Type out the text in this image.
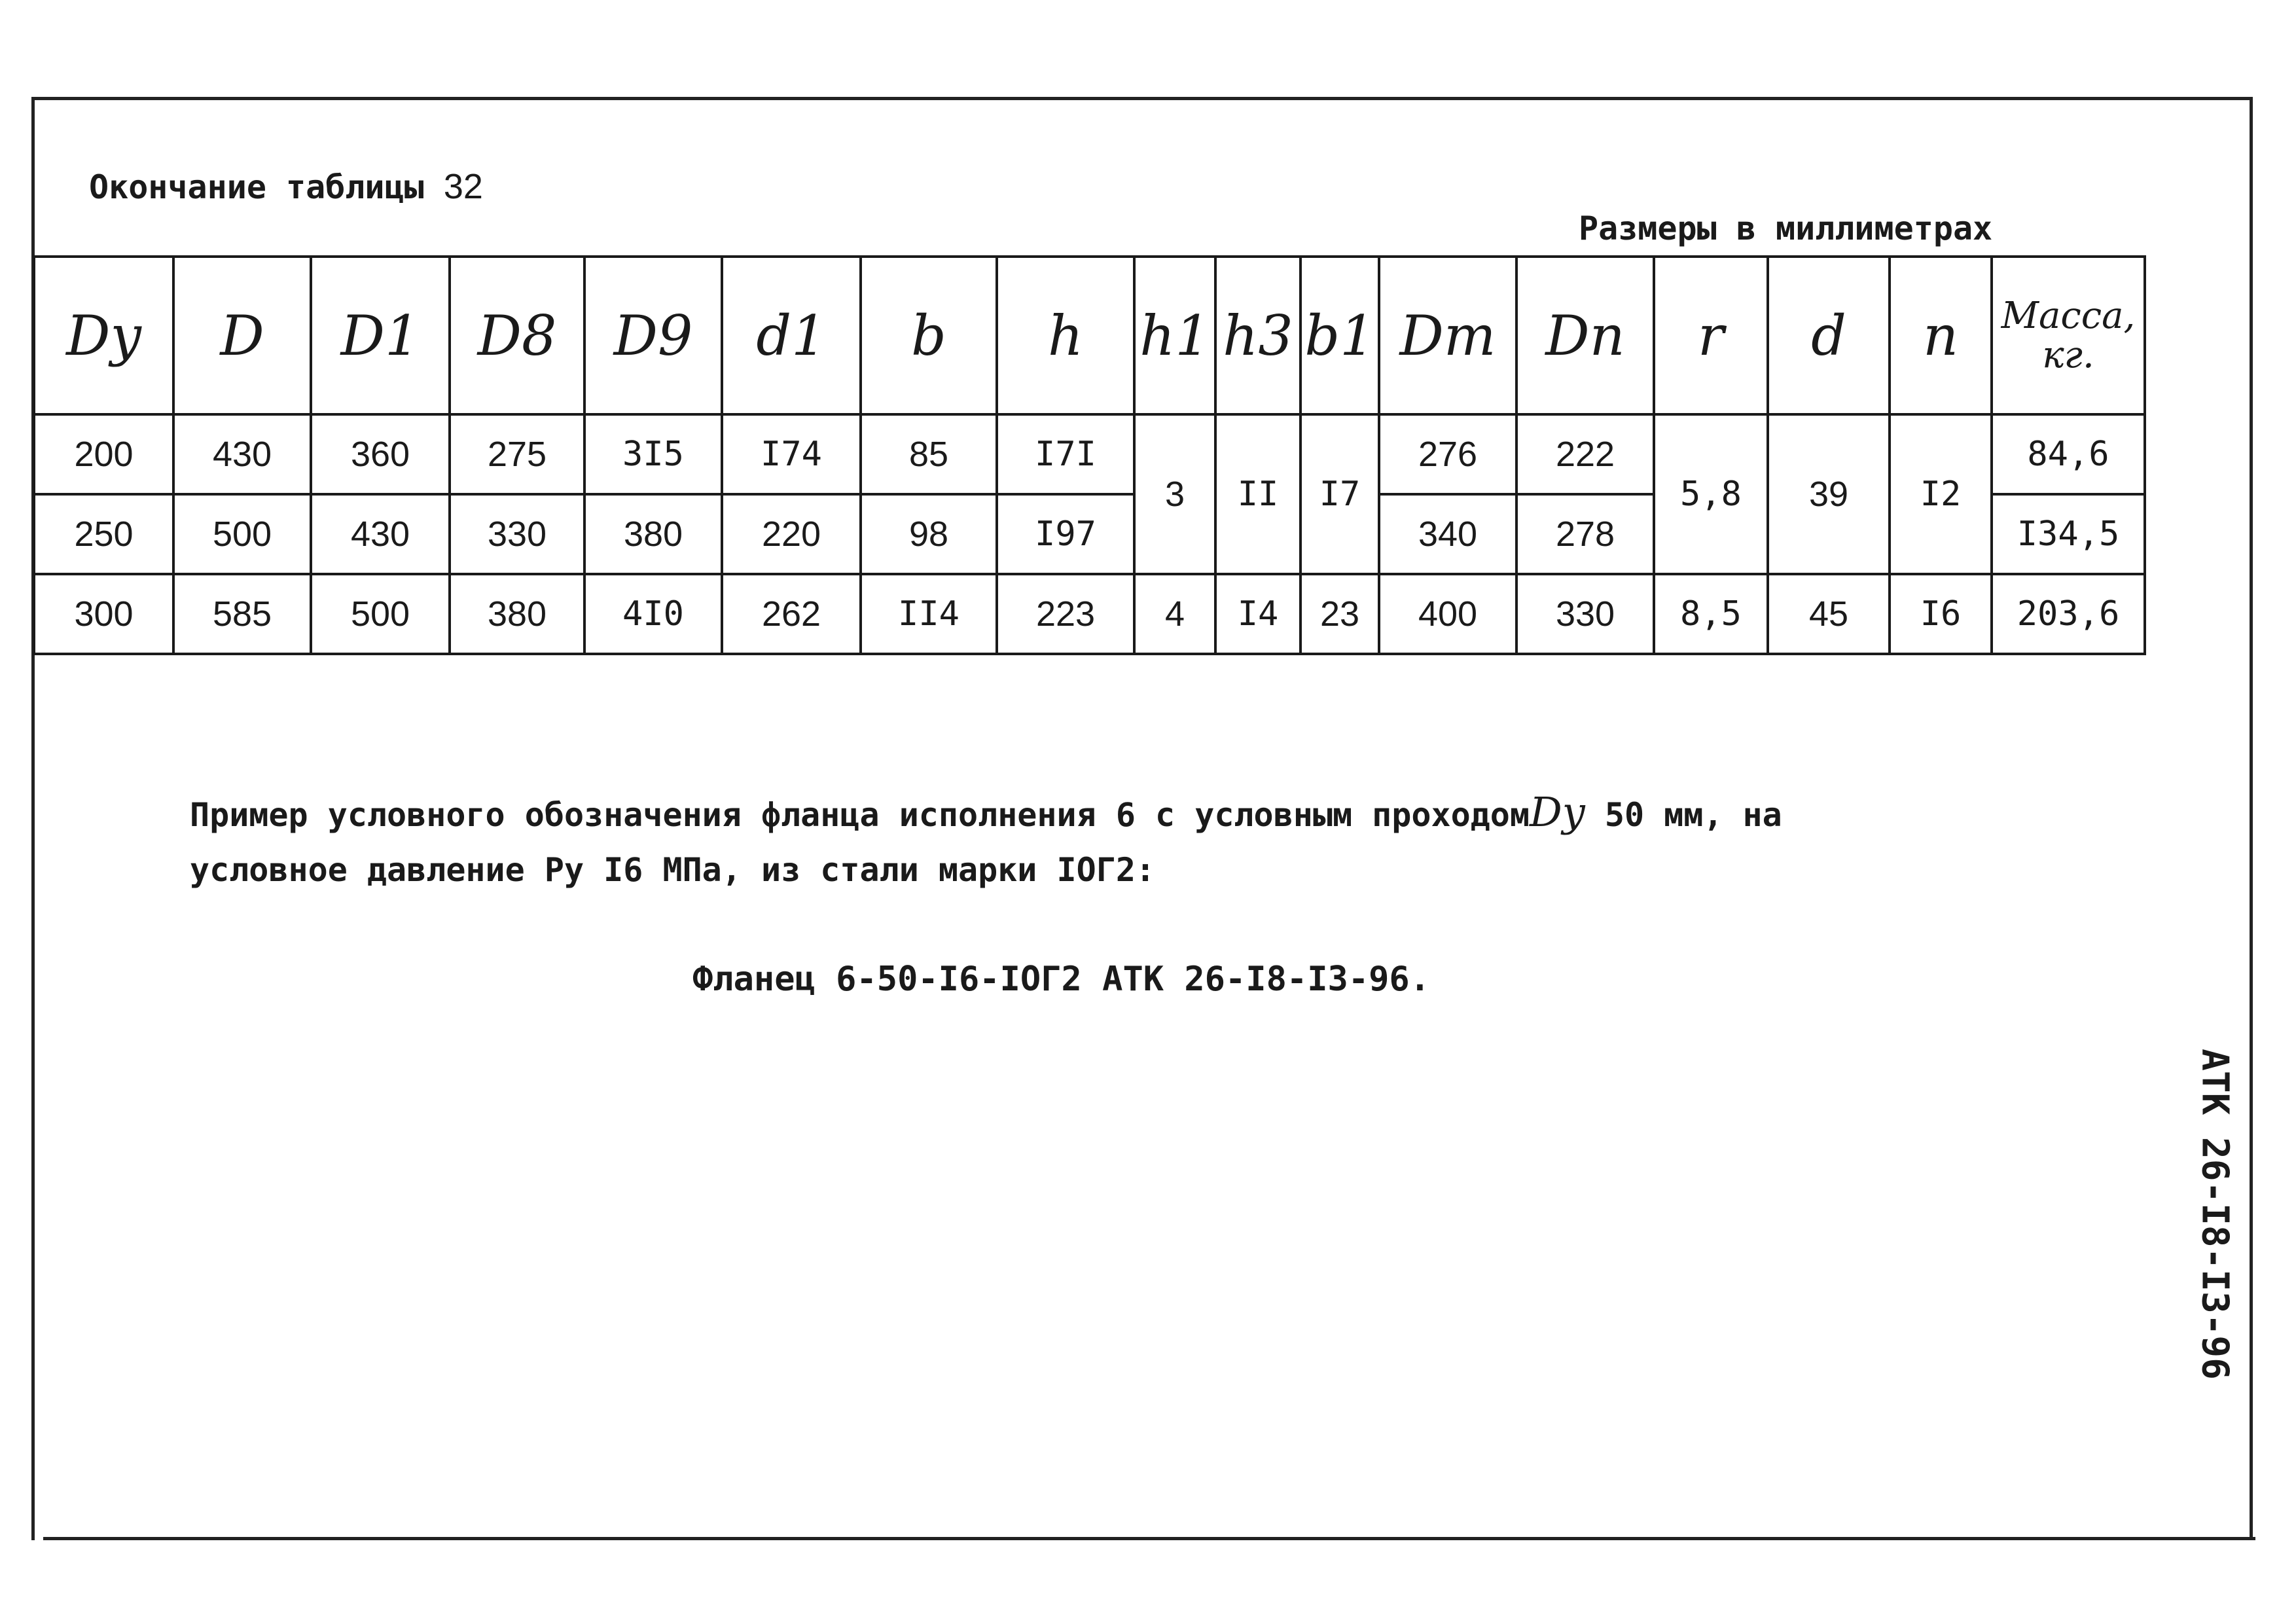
Окончание таблицы 32
Размеры в миллиметрах
Dy	D	D1	D8	D9	d1	b	h	h1	h3	b1	Dm	Dn	r	d	n	Масса, кг.
200	430	360	275	3I5	I74	85	I7I	3	II	I7	276	222	5,8	39	I2	84,6
250	500	430	330	380	220	98	I97				340	278				I34,5
300	585	500	380	4I0	262	II4	223	4	I4	23	400	330	8,5	45	I6	203,6
Пример условного обозначения фланца исполнения 6 с условным проходомDy 50 мм, на
условное давление Ру I6 МПа, из стали марки IОГ2:
Фланец 6-50-I6-IОГ2 АТК 26-I8-I3-96.
АТК 26-I8-I3-96
